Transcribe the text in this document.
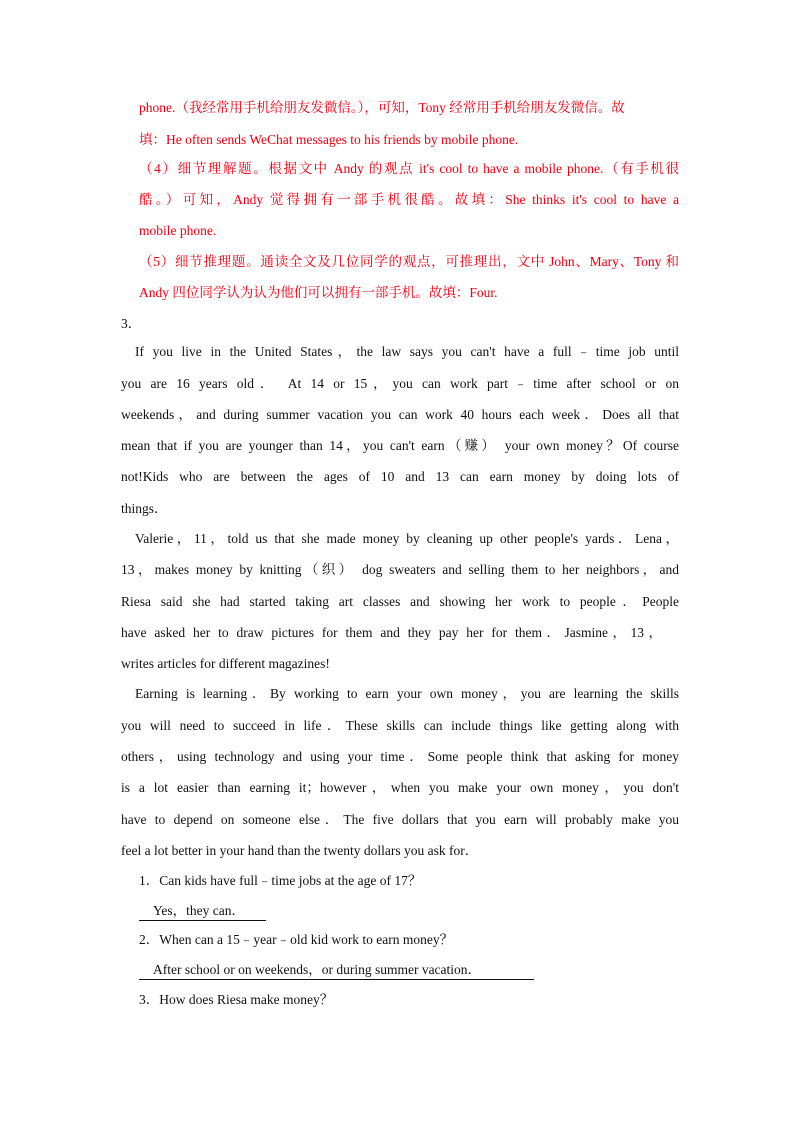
phone.（我经常用手机给朋友发微信。），可知，Tony 经常用手机给朋友发微信。故
填：He often sends WeChat messages to his friends by mobile phone.
（4）细节理解题。根据文中 Andy 的观点 it's cool to have a mobile phone.（有手机很
酷。）可知，Andy 觉得拥有一部手机很酷。故填：She thinks it's cool to have a
mobile phone.
（5）细节推理题。通读全文及几位同学的观点，可推理出，文中 John、Mary、Tony 和
Andy 四位同学认为认为他们可以拥有一部手机。故填：Four.
3．
If you live in the United States，the law says you can't have a full﹣time job until
you are 16 years old． At 14 or 15，you can work part﹣time after school or on
weekends，and during summer vacation you can work 40 hours each week．Does all that
mean that if you are younger than 14，you can't earn（赚） your own money？Of course
not!Kids who are between the ages of 10 and 13 can earn money by doing lots of
things．
Valerie，11，told us that she made money by cleaning up other people's yards．Lena，
13，makes money by knitting（织） dog sweaters and selling them to her neighbors，and
Riesa said she had started taking art classes and showing her work to people．People
have asked her to draw pictures for them and they pay her for them．Jasmine，13，
writes articles for different magazines!
Earning is learning．By working to earn your own money，you are learning the skills
you will need to succeed in life．These skills can include things like getting along with
others，using technology and using your time．Some people think that asking for money
is a lot easier than earning it；however，when you make your own money，you don't
have to depend on someone else．The five dollars that you earn will probably make you
feel a lot better in your hand than the twenty dollars you ask for．
1．Can kids have full﹣time jobs at the age of 17？
Yes，they can．
2．When can a 15﹣year﹣old kid work to earn money？
After school or on weekends，or during summer vacation．
3．How does Riesa make money？
